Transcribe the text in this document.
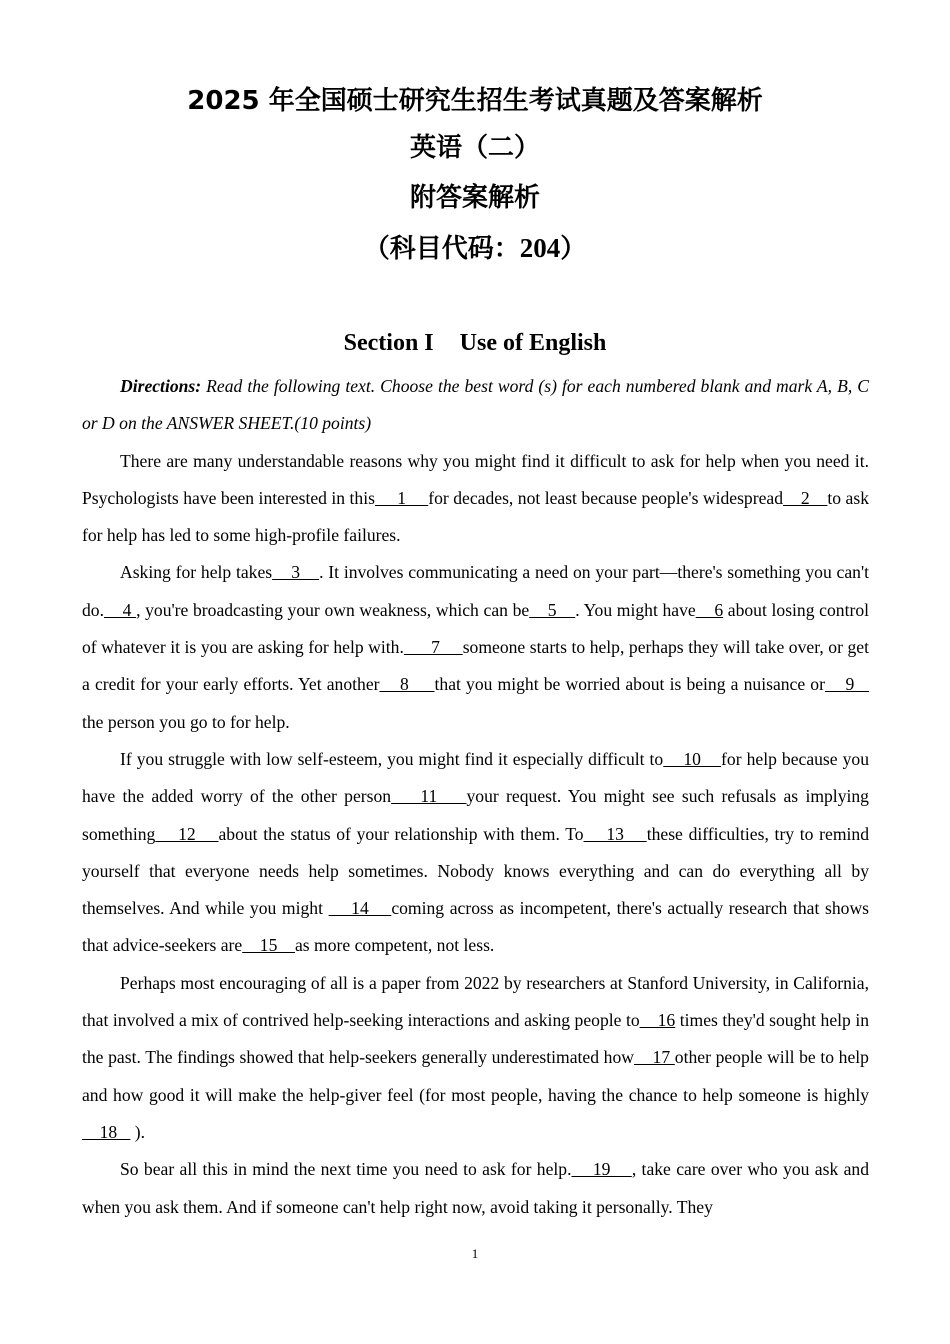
2025 年全国硕士研究生招生考试真题及答案解析
英语（二）
附答案解析
（科目代码：204）
Section I Use of English

Directions: Read the following text. Choose the best word (s) for each numbered blank and mark A, B, C or D on the ANSWER SHEET.(10 points)

There are many understandable reasons why you might find it difficult to ask for help when you need it. Psychologists have been interested in this     1     for decades, not least because people's widespread    2    to ask for help has led to some high-profile failures.

Asking for help takes    3    . It involves communicating a need on your part—there's something you can't do.    4 , you're broadcasting your own weakness, which can be    5    . You might have    6 about losing control of whatever it is you are asking for help with.      7     someone starts to help, perhaps they will take over, or get a credit for your early efforts. Yet another    8     that you might be worried about is being a nuisance or    9    the person you go to for help.

If you struggle with low self-esteem, you might find it especially difficult to    10    for help because you have the added worry of the other person    11    your request. You might see such refusals as implying something    12    about the status of your relationship with them. To    13    these difficulties, try to remind yourself that everyone needs help sometimes. Nobody knows everything and can do everything all by themselves. And while you might     14    coming across as incompetent, there's actually research that shows that advice-seekers are    15    as more competent, not less.

Perhaps most encouraging of all is a paper from 2022 by researchers at Stanford University, in California, that involved a mix of contrived help-seeking interactions and asking people to    16 times they'd sought help in the past. The findings showed that help-seekers generally underestimated how    17 other people will be to help and how good it will make the help-giver feel (for most people, having the chance to help someone is highly    18    ).

So bear all this in mind the next time you need to ask for help.    19    , take care over who you ask and when you ask them. And if someone can't help right now, avoid taking it personally. They

1
